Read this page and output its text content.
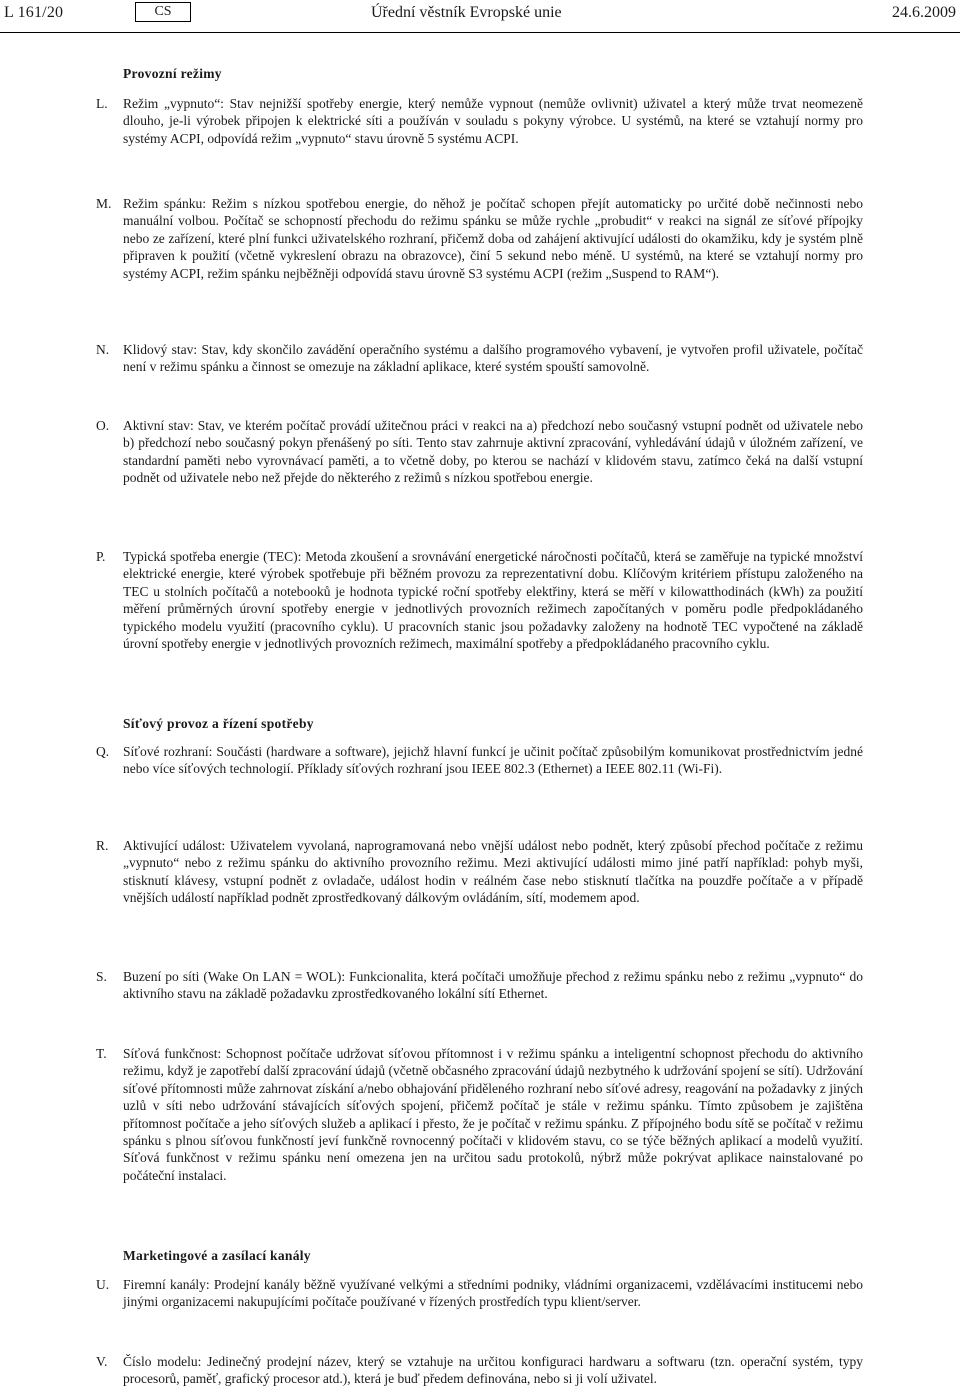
L 161/20	CS	Úřední věstník Evropské unie	24.6.2009
Provozní režimy
L. Režim „vypnuto“: Stav nejnižší spotřeby energie, který nemůže vypnout (nemůže ovlivnit) uživatel a který může trvat neomezeně dlouho, je-li výrobek připojen k elektrické síti a používán v souladu s pokyny výrobce. U systémů, na které se vztahují normy pro systémy ACPI, odpovídá režim „vypnuto“ stavu úrovně 5 systému ACPI.
M. Režim spánku: Režim s nízkou spotřebou energie, do něhož je počítač schopen přejít automaticky po určité době nečinnosti nebo manuální volbou. Počítač se schopností přechodu do režimu spánku se může rychle „probudit“ v reakci na signál ze síťové přípojky nebo ze zařízení, které plní funkci uživatelského rozhraní, přičemž doba od zahájení aktivující události do okamžiku, kdy je systém plně připraven k použití (včetně vykreslení obrazu na obrazovce), činí 5 sekund nebo méně. U systémů, na které se vztahují normy pro systémy ACPI, režim spánku nejběžněji odpovídá stavu úrovně S3 systému ACPI (režim „Suspend to RAM“).
N. Klidový stav: Stav, kdy skončilo zavádění operačního systému a dalšího programového vybavení, je vytvořen profil uživatele, počítač není v režimu spánku a činnost se omezuje na základní aplikace, které systém spouští samovolně.
O. Aktivní stav: Stav, ve kterém počítač provádí užitečnou práci v reakci na a) předchozí nebo současný vstupní podnět od uživatele nebo b) předchozí nebo současný pokyn přenášený po síti. Tento stav zahrnuje aktivní zpracování, vyhledávání údajů v úložném zařízení, ve standardní paměti nebo vyrovnávací paměti, a to včetně doby, po kterou se nachází v klidovém stavu, zatímco čeká na další vstupní podnět od uživatele nebo než přejde do některého z režimů s nízkou spotřebou energie.
P. Typická spotřeba energie (TEC): Metoda zkoušení a srovnávání energetické náročnosti počítačů, která se zaměřuje na typické množství elektrické energie, které výrobek spotřebuje při běžném provozu za reprezentativní dobu. Klíčovým kritériem přístupu založeného na TEC u stolních počítačů a notebooků je hodnota typické roční spotřeby elektřiny, která se měří v kilowatthodinách (kWh) za použití měření průměrných úrovní spotřeby energie v jednotlivých provozních režimech započítaných v poměru podle předpokládaného typického modelu využití (pracovního cyklu). U pracovních stanic jsou požadavky založeny na hodnotě TEC vypočtené na základě úrovní spotřeby energie v jednotlivých provozních režimech, maximální spotřeby a předpokládaného pracovního cyklu.
Síťový provoz a řízení spotřeby
Q. Síťové rozhraní: Součásti (hardware a software), jejichž hlavní funkcí je učinit počítač způsobilým komunikovat prostřednictvím jedné nebo více síťových technologií. Příklady síťových rozhraní jsou IEEE 802.3 (Ethernet) a IEEE 802.11 (Wi-Fi).
R. Aktivující událost: Uživatelem vyvolaná, naprogramovaná nebo vnější událost nebo podnět, který způsobí přechod počítače z režimu „vypnuto“ nebo z režimu spánku do aktivního provozního režimu. Mezi aktivující události mimo jiné patří například: pohyb myši, stisknutí klávesy, vstupní podnět z ovladače, událost hodin v reálném čase nebo stisknutí tlačítka na pouzdře počítače a v případě vnějších událostí například podnět zprostředkovaný dálkovým ovládáním, sítí, modemem apod.
S. Buzení po síti (Wake On LAN = WOL): Funkcionalita, která počítači umožňuje přechod z režimu spánku nebo z režimu „vypnuto“ do aktivního stavu na základě požadavku zprostředkovaného lokální sítí Ethernet.
T. Síťová funkčnost: Schopnost počítače udržovat síťovou přítomnost i v režimu spánku a inteligentní schopnost přechodu do aktivního režimu, když je zapotřebí další zpracování údajů (včetně občasného zpracování údajů nezbytného k udržování spojení se sítí). Udržování síťové přítomnosti může zahrnovat získání a/nebo obhajování přiděleného rozhraní nebo síťové adresy, reagování na požadavky z jiných uzlů v síti nebo udržování stávajících síťových spojení, přičemž počítač je stále v režimu spánku. Tímto způsobem je zajištěna přítomnost počítače a jeho síťových služeb a aplikací i přesto, že je počítač v režimu spánku. Z přípojného bodu sítě se počítač v režimu spánku s plnou síťovou funkčností jeví funkčně rovnocenný počítači v klidovém stavu, co se týče běžných aplikací a modelů využití. Síťová funkčnost v režimu spánku není omezena jen na určitou sadu protokolů, nýbrž může pokrývat aplikace nainstalované po počáteční instalaci.
Marketingové a zasílací kanály
U. Firemní kanály: Prodejní kanály běžně využívané velkými a středními podniky, vládními organizacemi, vzdělávacími institucemi nebo jinými organizacemi nakupujícími počítače používané v řízených prostředích typu klient/server.
V. Číslo modelu: Jedinečný prodejní název, který se vztahuje na určitou konfiguraci hardwaru a softwaru (tzn. operační systém, typy procesorů, paměť, grafický procesor atd.), která je buď předem definována, nebo si ji volí uživatel.
